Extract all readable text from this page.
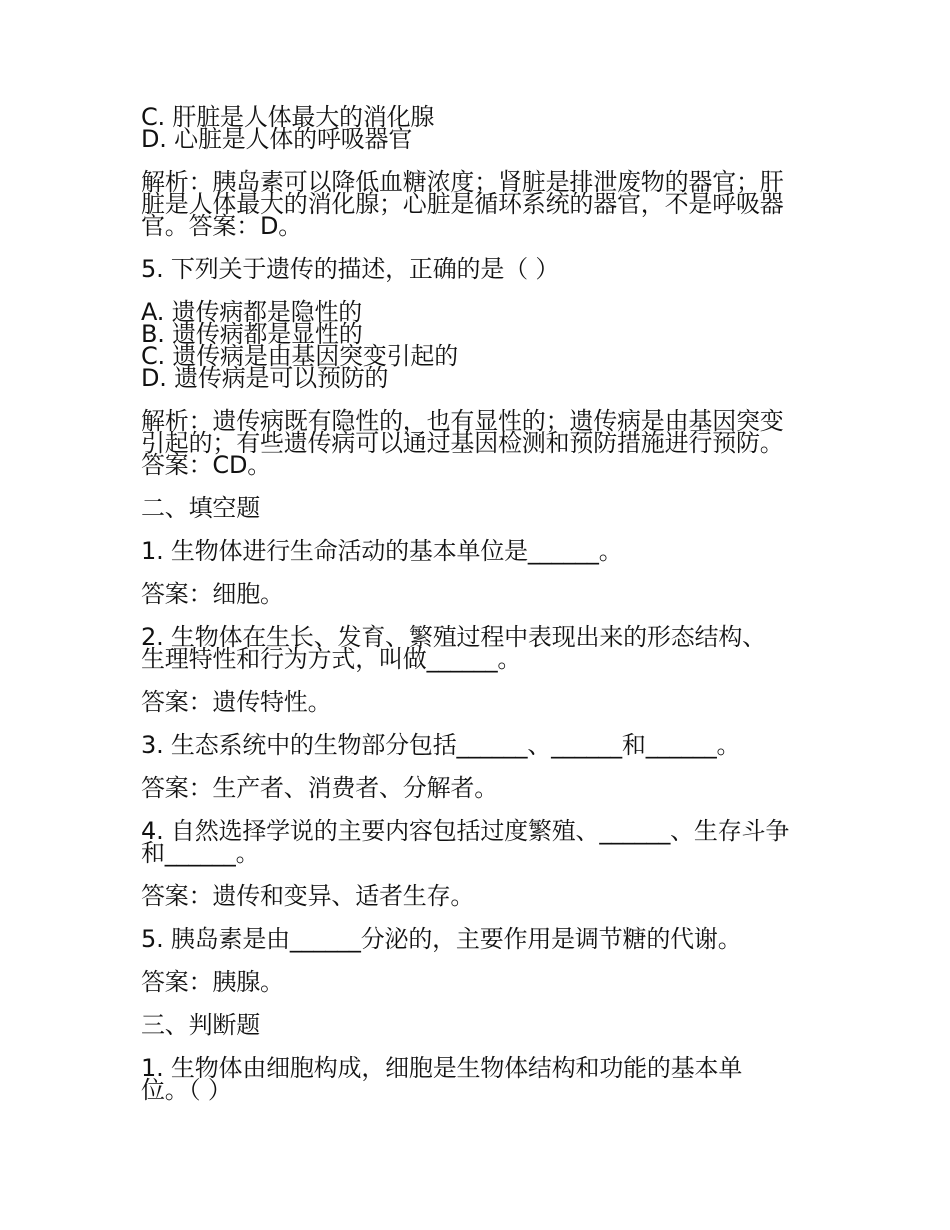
C. 肝脏是人体最大的消化腺
D. 心脏是人体的呼吸器官
解析：胰岛素可以降低血糖浓度；肾脏是排泄废物的器官；肝
脏是人体最大的消化腺；心脏是循环系统的器官，不是呼吸器
官。答案：D。
5. 下列关于遗传的描述，正确的是（ ）
A. 遗传病都是隐性的
B. 遗传病都是显性的
C. 遗传病是由基因突变引起的
D. 遗传病是可以预防的
解析：遗传病既有隐性的，也有显性的；遗传病是由基因突变
引起的；有些遗传病可以通过基因检测和预防措施进行预防。
答案：CD。
二、填空题
1. 生物体进行生命活动的基本单位是______。
答案：细胞。
2. 生物体在生长、发育、繁殖过程中表现出来的形态结构、
生理特性和行为方式，叫做______。
答案：遗传特性。
3. 生态系统中的生物部分包括______、______和______。
答案：生产者、消费者、分解者。
4. 自然选择学说的主要内容包括过度繁殖、______、生存斗争
和______。
答案：遗传和变异、适者生存。
5. 胰岛素是由______分泌的，主要作用是调节糖的代谢。
答案：胰腺。
三、判断题
1. 生物体由细胞构成，细胞是生物体结构和功能的基本单
位。（ ）
